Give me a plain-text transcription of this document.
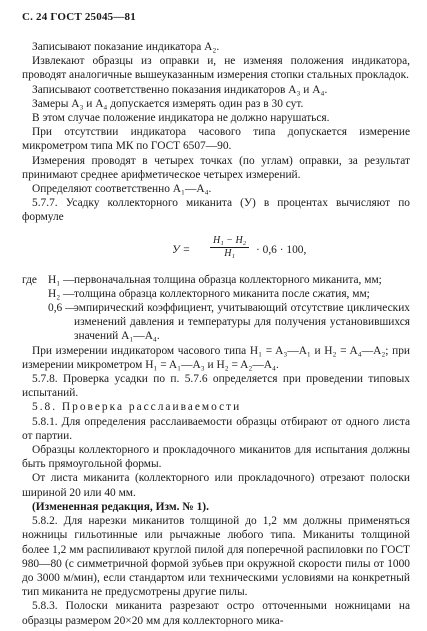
С. 24 ГОСТ 25045—81

Записывают показание индикатора A₂.

Извлекают образцы из оправки и, не изменяя положения индикатора, проводят аналогичные вышеуказанным измерения стопки стальных прокладок.

Записывают соответственно показания индикаторов A₃ и A₄.

Замеры A₃ и A₄ допускается измерять один раз в 30 сут.

В этом случае положение индикатора не должно нарушаться.

При отсутствии индикатора часового типа допускается измерение микрометром типа МК по ГОСТ 6507—90.

Измерения проводят в четырех точках (по углам) оправки, за результат принимают среднее арифметическое четырех измерений.

Определяют соответственно A₁—A₄.

5.7.7. Усадку коллекторного миканита (У) в процентах вычисляют по формуле

$У = \frac{\text{H₁ − H₂}}{\text{H₁}} \cdot 0,6 \cdot 100$,

где H₁ — первоначальная толщина образца коллекторного миканита, мм;

H₂ — толщина образца коллекторного миканита после сжатия, мм;

0,6 —
эмпирический коэффициент, учитывающий отсутствие циклических изменений давления и температуры для получения установившихся значений A₁—A₄.

При измерении индикатором часового типа H₁ = A₃—A₁ и H₂ = A₄—A₂; при измерении микрометром H₁ = A₁—A₃ и H₂ = A₂—A₄.

5.7.8. Проверка усадки по п. 5.7.6 определяется при проведении типовых испытаний.

5.8. Проверка расслаиваемости

5.8.1. Для определения расслаиваемости образцы отбирают от одного листа от партии.

Образцы коллекторного и прокладочного миканитов для испытания должны быть прямоугольной формы.

От листа миканита (коллекторного или прокладочного) отрезают полоски шириной 20 или 40 мм.

(Измененная редакция, Изм. № 1).

5.8.2. Для нарезки миканитов толщиной до 1,2 мм должны применяться ножницы гильотинные или рычажные любого типа. Миканиты толщиной более 1,2 мм распиливают круглой пилой для поперечной распиловки по ГОСТ 980—80 (с симметричной формой зубьев при окружной скорости пилы от 1000 до 3000 м/мин), если стандартом или техническими условиями на конкретный тип миканита не предусмотрены другие пилы.

5.8.3. Полоски миканита разрезают остро отточенными ножницами на образцы размером 20×20 мм для коллекторного мика-
